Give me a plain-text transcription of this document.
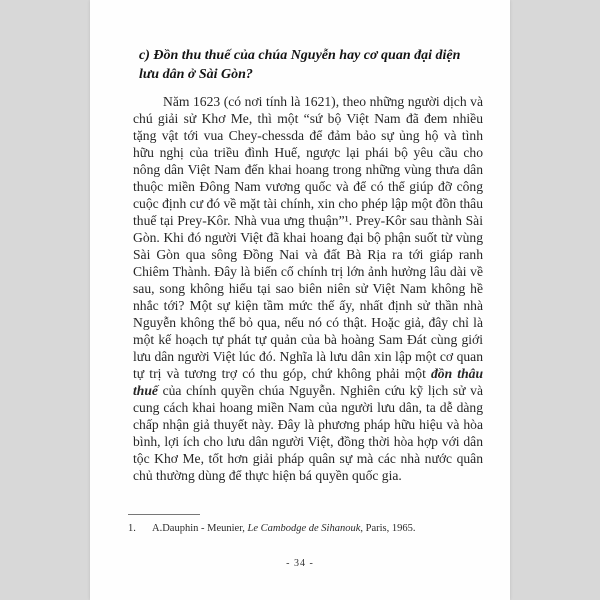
c) Đồn thu thuế của chúa Nguyễn hay cơ quan đại diện
lưu dân ở Sài Gòn?

Năm 1623 (có nơi tính là 1621), theo những người dịch và chú giải sử Khơ Me, thì một “sứ bộ Việt Nam đã đem nhiều tặng vật tới vua Chey-chessda để đảm bảo sự ủng hộ và tình hữu nghị của triều đình Huế, ngược lại phái bộ yêu cầu cho nông dân Việt Nam đến khai hoang trong những vùng thưa dân thuộc miền Đông Nam vương quốc và để có thể giúp đỡ công cuộc định cư đó về mặt tài chính, xin cho phép lập một đồn thâu thuế tại Prey-Kôr. Nhà vua ưng thuận”¹. Prey-Kôr sau thành Sài Gòn. Khi đó người Việt đã khai hoang đại bộ phận suốt từ vùng Sài Gòn qua sông Đồng Nai và đất Bà Rịa ra tới giáp ranh Chiêm Thành. Đây là biến cố chính trị lớn ảnh hưởng lâu dài về sau, song không hiểu tại sao biên niên sử Việt Nam không hề nhắc tới? Một sự kiện tầm mức thế ấy, nhất định sử thần nhà Nguyễn không thể bỏ qua, nếu nó có thật. Hoặc giả, đây chỉ là một kế hoạch tự phát tự quản của bà hoàng Sam Đát cùng giới lưu dân người Việt lúc đó. Nghĩa là lưu dân xin lập một cơ quan tự trị và tương trợ có thu góp, chứ không phải một đồn thâu thuế của chính quyền chúa Nguyễn. Nghiên cứu kỹ lịch sử và cung cách khai hoang miền Nam của người lưu dân, ta dễ dàng chấp nhận giả thuyết này. Đây là phương pháp hữu hiệu và hòa bình, lợi ích cho lưu dân người Việt, đồng thời hòa hợp với dân tộc Khơ Me, tốt hơn giải pháp quân sự mà các nhà nước quân chủ thường dùng để thực hiện bá quyền quốc gia.

1.	A.Dauphin - Meunier, Le Cambodge de Sihanouk, Paris, 1965.
- 34 -
